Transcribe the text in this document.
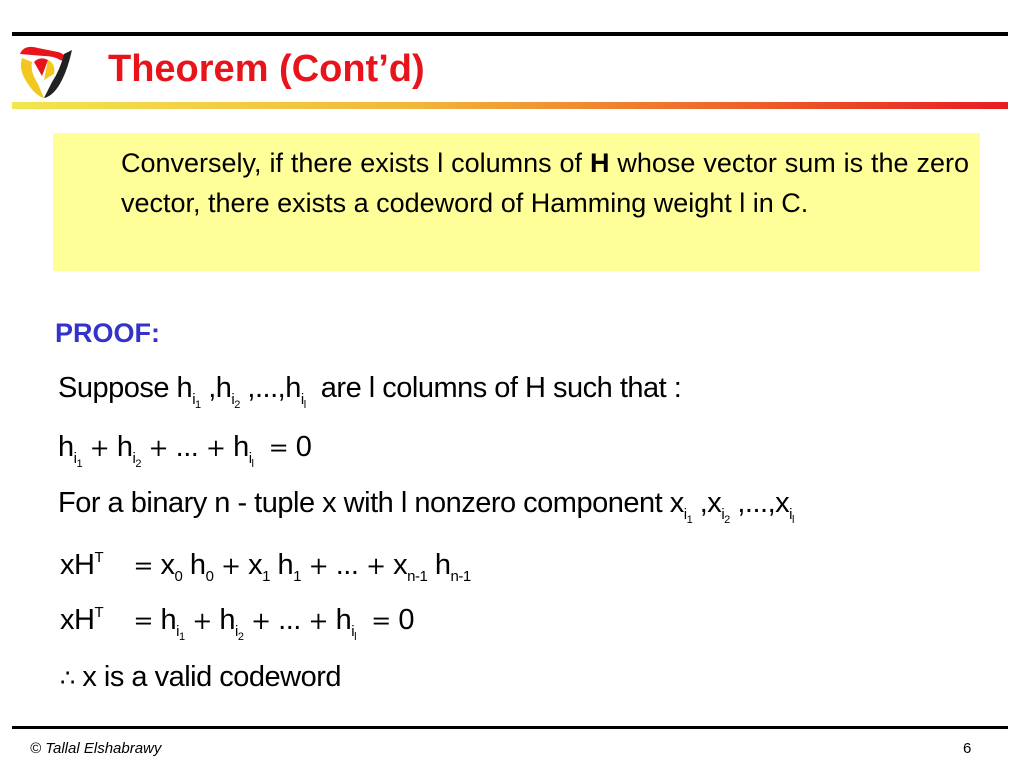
Theorem (Cont’d)
Conversely, if there exists l columns of H whose vector sum is the zero vector, there exists a codeword of Hamming weight l in C.
PROOF:
Suppose $h_{i_1}$ $,h_{i_2}$ $,...,h_{i_l}$  are l columns of H such that :
$h_{i_1} + h_{i_2}$ + ... + $h_{i_l} = 0$
For a binary n - tuple x with l nonzero component $x_{i_1}$ $,x_{i_2}$ $,...,x_{i_l}$
$xH^T = x_0$ $h_0 + x_1$ $h_1$ + ... + $x_{n-1}$ $h_{n-1}$
$xH^T = h_{i_1} + h_{i_2}$ + ... + $h_{i_l} = 0$
∴ x is a valid codeword
© Tallal Elshabrawy	6
